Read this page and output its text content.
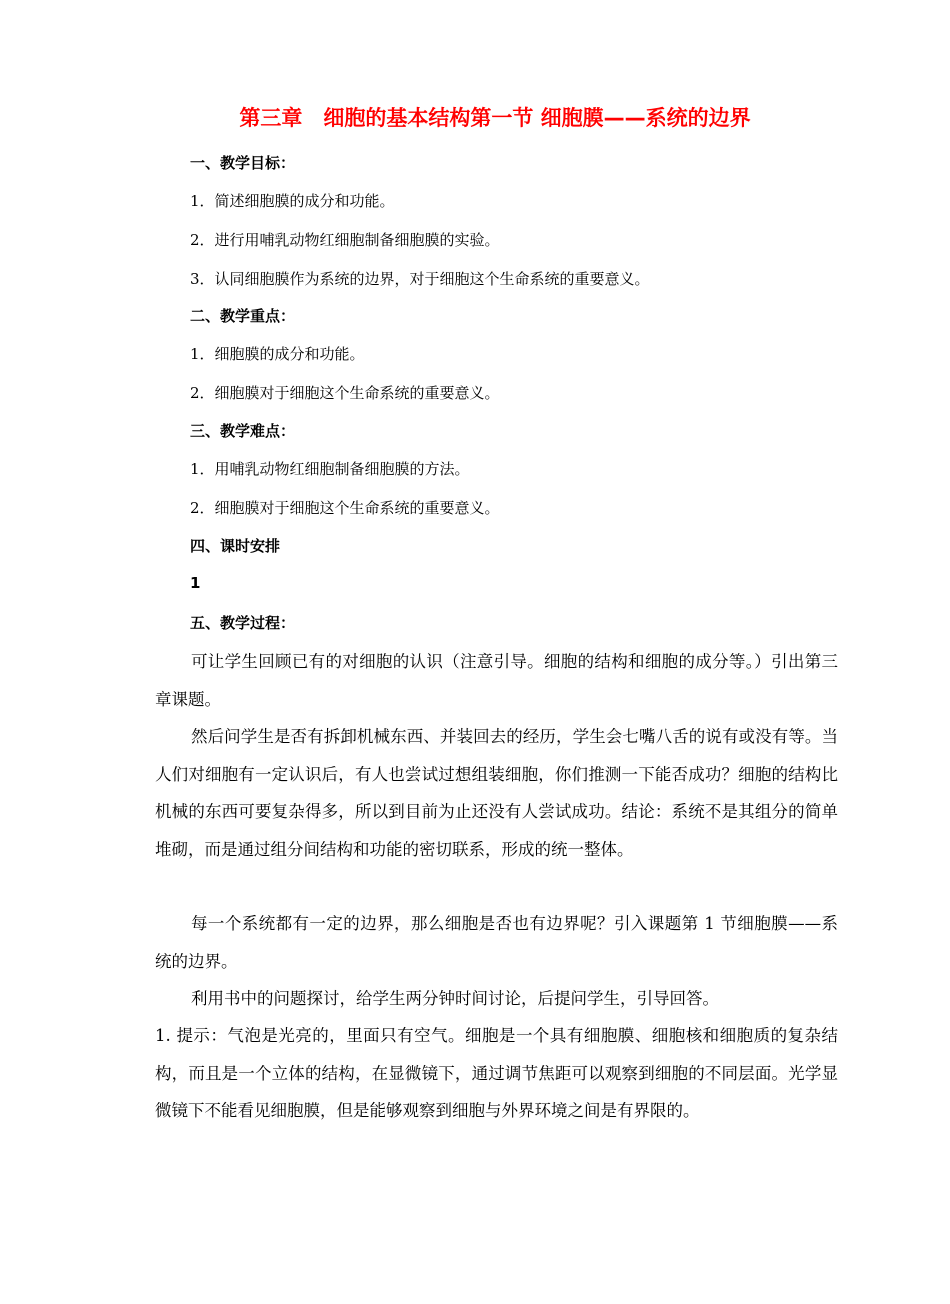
第三章　细胞的基本结构第一节 细胞膜——系统的边界
一、教学目标：
1．简述细胞膜的成分和功能。
2．进行用哺乳动物红细胞制备细胞膜的实验。
3．认同细胞膜作为系统的边界，对于细胞这个生命系统的重要意义。
二、教学重点：
1．细胞膜的成分和功能。
2．细胞膜对于细胞这个生命系统的重要意义。
三、教学难点：
1．用哺乳动物红细胞制备细胞膜的方法。
2．细胞膜对于细胞这个生命系统的重要意义。
四、课时安排
1
五、教学过程：

可让学生回顾已有的对细胞的认识（注意引导。细胞的结构和细胞的成分等。）引出第三章课题。

然后问学生是否有拆卸机械东西、并装回去的经历，学生会七嘴八舌的说有或没有等。当人们对细胞有一定认识后，有人也尝试过想组装细胞，你们推测一下能否成功？细胞的结构比机械的东西可要复杂得多，所以到目前为止还没有人尝试成功。结论：系统不是其组分的简单堆砌，而是通过组分间结构和功能的密切联系，形成的统一整体。

每一个系统都有一定的边界，那么细胞是否也有边界呢？引入课题第 1 节细胞膜——系统的边界。

利用书中的问题探讨，给学生两分钟时间讨论，后提问学生，引导回答。

1. 提示：气泡是光亮的，里面只有空气。细胞是一个具有细胞膜、细胞核和细胞质的复杂结构，而且是一个立体的结构，在显微镜下，通过调节焦距可以观察到细胞的不同层面。光学显微镜下不能看见细胞膜，但是能够观察到细胞与外界环境之间是有界限的。
